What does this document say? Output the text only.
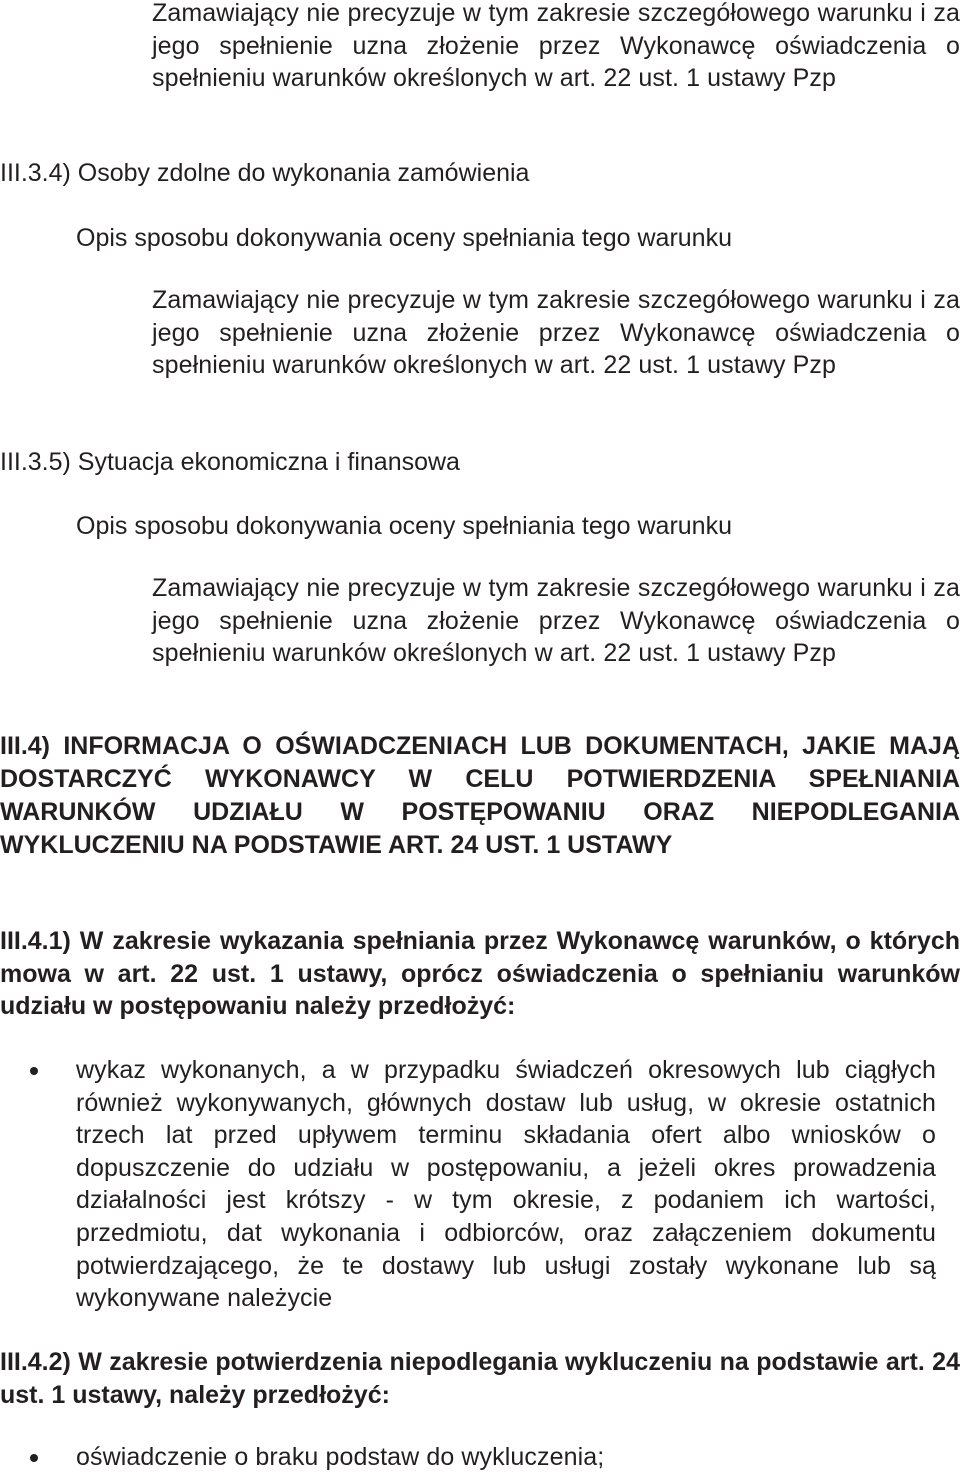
Zamawiający nie precyzuje w tym zakresie szczegółowego warunku i za jego spełnienie uzna złożenie przez Wykonawcę oświadczenia o spełnieniu warunków określonych w art. 22 ust. 1 ustawy Pzp
III.3.4) Osoby zdolne do wykonania zamówienia
Opis sposobu dokonywania oceny spełniania tego warunku
Zamawiający nie precyzuje w tym zakresie szczegółowego warunku i za jego spełnienie uzna złożenie przez Wykonawcę oświadczenia o spełnieniu warunków określonych w art. 22 ust. 1 ustawy Pzp
III.3.5) Sytuacja ekonomiczna i finansowa
Opis sposobu dokonywania oceny spełniania tego warunku
Zamawiający nie precyzuje w tym zakresie szczegółowego warunku i za jego spełnienie uzna złożenie przez Wykonawcę oświadczenia o spełnieniu warunków określonych w art. 22 ust. 1 ustawy Pzp
III.4) INFORMACJA O OŚWIADCZENIACH LUB DOKUMENTACH, JAKIE MAJĄ DOSTARCZYĆ WYKONAWCY W CELU POTWIERDZENIA SPEŁNIANIA WARUNKÓW UDZIAŁU W POSTĘPOWANIU ORAZ NIEPODLEGANIA WYKLUCZENIU NA PODSTAWIE ART. 24 UST. 1 USTAWY
III.4.1) W zakresie wykazania spełniania przez Wykonawcę warunków, o których mowa w art. 22 ust. 1 ustawy, oprócz oświadczenia o spełnianiu warunków udziału w postępowaniu należy przedłożyć:
wykaz wykonanych, a w przypadku świadczeń okresowych lub ciągłych również wykonywanych, głównych dostaw lub usług, w okresie ostatnich trzech lat przed upływem terminu składania ofert albo wniosków o dopuszczenie do udziału w postępowaniu, a jeżeli okres prowadzenia działalności jest krótszy - w tym okresie, z podaniem ich wartości, przedmiotu, dat wykonania i odbiorców, oraz załączeniem dokumentu potwierdzającego, że te dostawy lub usługi zostały wykonane lub są wykonywane należycie
III.4.2) W zakresie potwierdzenia niepodlegania wykluczeniu na podstawie art. 24 ust. 1 ustawy, należy przedłożyć:
oświadczenie o braku podstaw do wykluczenia;
